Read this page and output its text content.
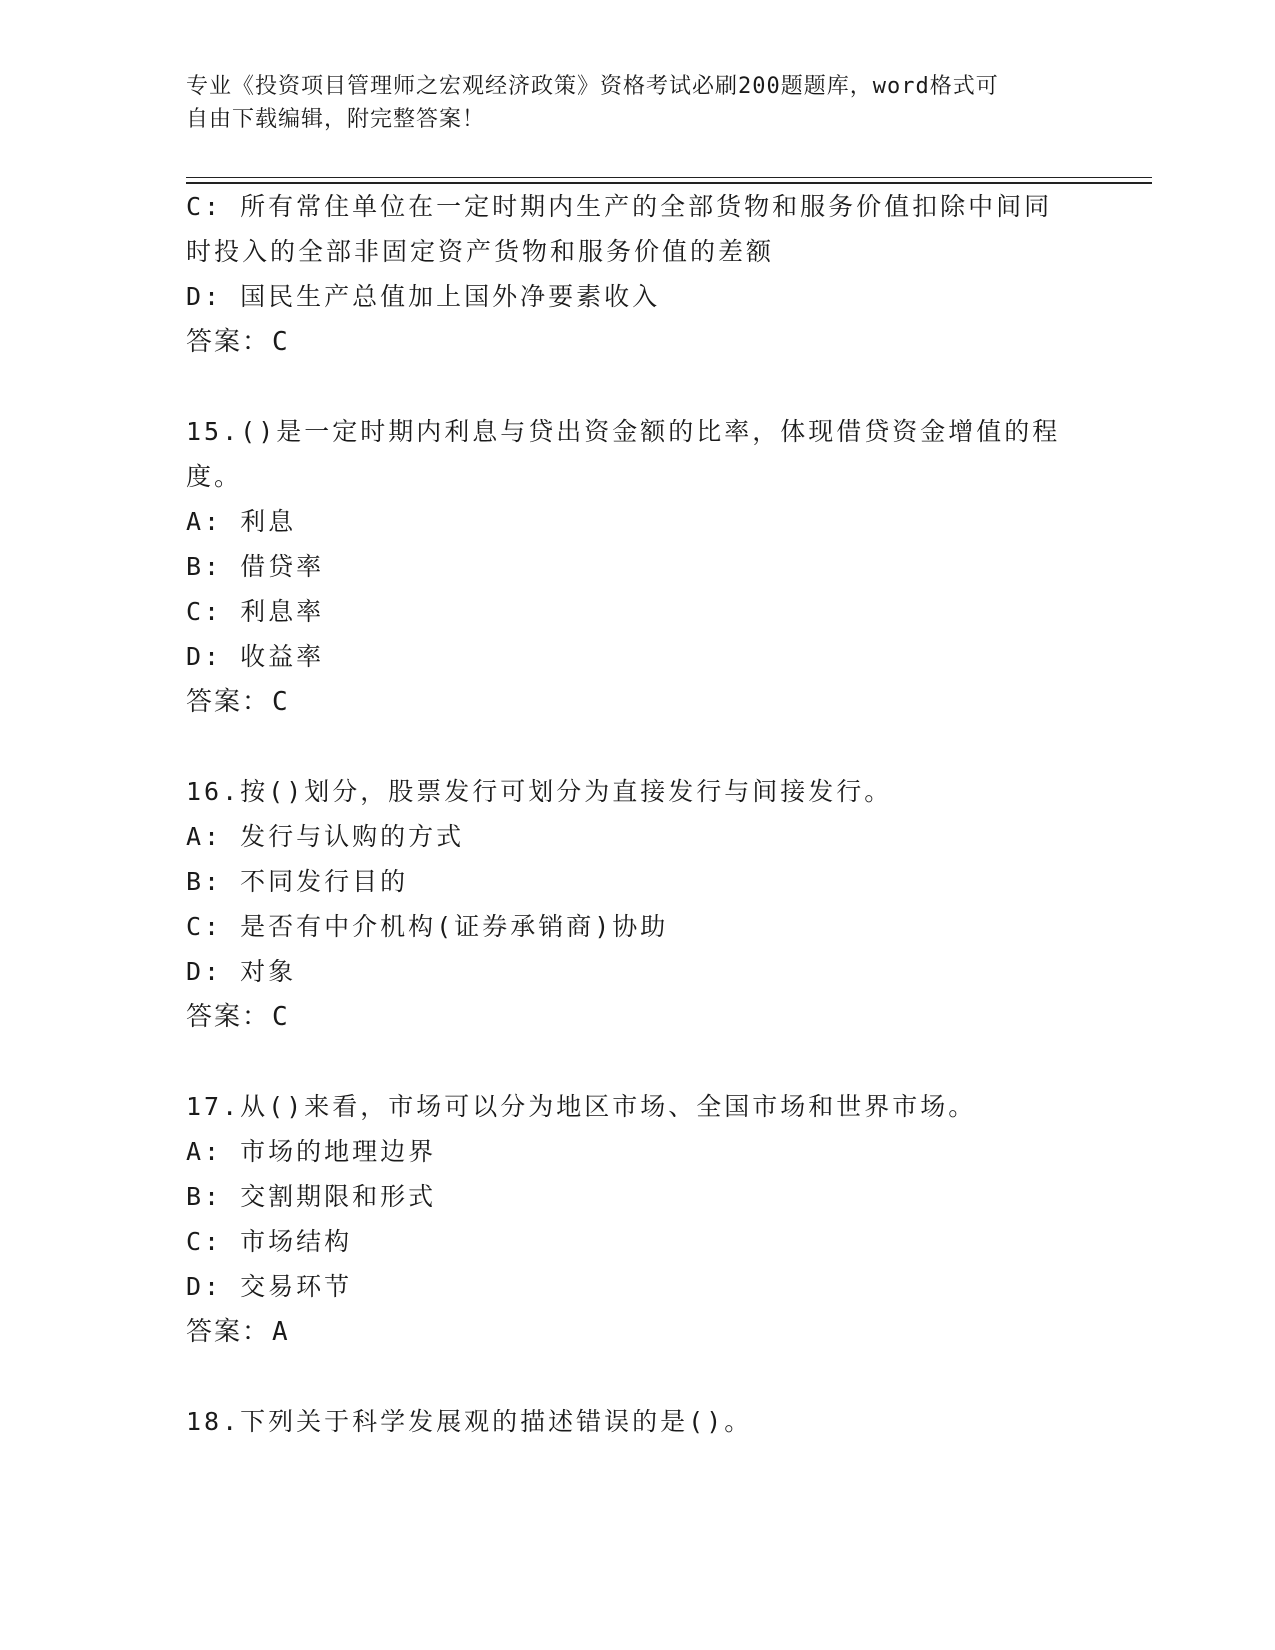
专业《投资项目管理师之宏观经济政策》资格考试必刷200题题库，word格式可
自由下载编辑，附完整答案！
C: 所有常住单位在一定时期内生产的全部货物和服务价值扣除中间同
时投入的全部非固定资产货物和服务价值的差额
D: 国民生产总值加上国外净要素收入
答案：C
15.()是一定时期内利息与贷出资金额的比率，体现借贷资金增值的程
度。
A: 利息
B: 借贷率
C: 利息率
D: 收益率
答案：C
16.按()划分，股票发行可划分为直接发行与间接发行。
A: 发行与认购的方式
B: 不同发行目的
C: 是否有中介机构(证券承销商)协助
D: 对象
答案：C
17.从()来看，市场可以分为地区市场、全国市场和世界市场。
A: 市场的地理边界
B: 交割期限和形式
C: 市场结构
D: 交易环节
答案：A
18.下列关于科学发展观的描述错误的是()。
